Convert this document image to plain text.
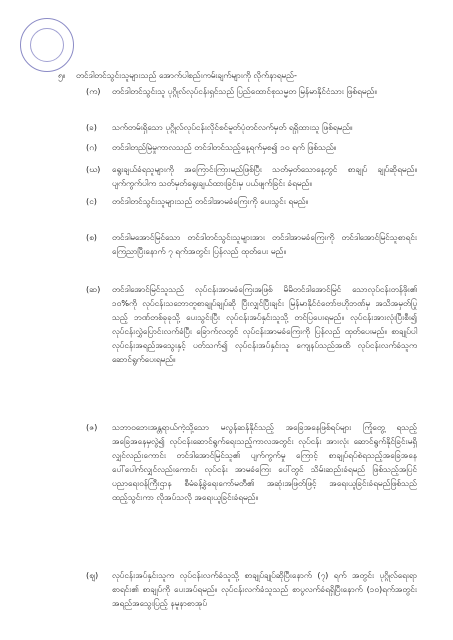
၅။ တင်ဒါတင်သွင်းသူများသည် အောက်ပါစည်းကမ်းချက်များကို လိုက်နာရမည်-

(က) တင်ဒါတင်သွင်းသူ ပုဂ္ဂိုလ်လုပ်ငန်းရှင်သည် ပြည်ထောင်စုသမ္မတ မြန်မာနိုင်ငံသား ဖြစ်ရမည်။

(ခ) သက်တမ်းရှိသော ပုဂ္ဂိုလ်လုပ်ငန်းလိုင်စင်မူတ်ပုံတင်လက်မှတ် ရရှိထားသူ ဖြစ်ရမည်။

(ဂ) တင်ဒါတည်မြဲမှုကာလသည် တင်ဒါတင်သည့်နေ့ရက်မှစ၍ ၁၀ ရက် ဖြစ်သည်။

(ဃ) ရွေးချယ်ခံရသူများကို အကြောင်းကြားမည်ဖြစ်ပြီး သတ်မှတ်သောနေ့တွင် စာချုပ် ချုပ်ဆိုရမည်။ ပျက်ကွက်ပါက သတ်မှတ်ရွေးချယ်ထားခြင်းမှ ပယ်ဖျက်ခြင်း ခံရမည်။

(င) တင်ဒါတင်သွင်းသူများသည် တင်ဒါအာမခံကြေးကို ပေးသွင်း ရမည်။

(စ) တင်ဒါမအောင်မြင်သော တင်ဒါတင်သွင်းသူများအား တင်ဒါအာမခံကြေးကို တင်ဒါအောင်မြင်သူစာရင်း ကြေညာပြီးနောက် ၇ ရက်အတွင်း ပြန်လည် ထုတ်ပေး မည်။

(ဆ) တင်ဒါအောင်မြင်သူသည် လုပ်ငန်းအာမခံကြေးအဖြစ် မိမိတင်ဒါအောင်မြင် သောလုပ်ငန်းတန်ဖိုး၏ ၁၀%ကို လုပ်ငန်းသဘောတူစာချုပ်ချုပ်ဆို ပြီးလျှင်ပြီးချင်း မြန်မာနိုင်ငံတော်ဗဟိုဘဏ်မှ အသိအမှတ်ပြုသည့် ဘဏ်တစ်ခုခုသို့ ပေးသွင်းပြီး လုပ်ငန်းအပ်နှင်းသူသို့ တင်ပြပေးရမည်။ လုပ်ငန်းအားလုံးပြီးစီး၍ လုပ်ငန်းလွှဲပြောင်းလက်ခံပြီး ခြောက်လတွင် လုပ်ငန်းအာမခံကြေးကို ပြန်လည် ထုတ်ပေးမည်။ စာချုပ်ပါ လုပ်ငန်းအရည်အသွေးနှင့် ပတ်သက်၍ လုပ်ငန်းအပ်နှင်းသူ ကျေနပ်သည်အထိ လုပ်ငန်းလက်ခံသူက ဆောင်ရွက်ပေးရမည်။

(ဇ) သဘာဝဘေးအန္တရာယ်ကဲ့သို့သော မလွန်ဆန်နိုင်သည့် အခြေအနေဖြစ်ရပ်များ ကြုံတွေ့ ရသည့် အခြေအနေမှလွဲ၍ လုပ်ငန်းဆောင်ရွက်ရေးသည့်ကာလအတွင်း လုပ်ငန်း အားလုံး ဆောင်ရွက်နိုင်ခြင်းမရှိလျှင်လည်းကောင်း တင်ဒါအောင်မြင်သူ၏ ပျက်ကွက်မှု ကြောင့် စာချုပ်ရပ်စဲရသည့်အခြေအနေ ပေါ်ပေါက်လျှင်လည်းကောင်း လုပ်ငန်း အာမခံကြေး ပေါ်တွင် သိမ်းဆည်းခံရမည် ဖြစ်သည့်အပြင် ပညာရေးဝန်ကြီးဌာန စီမံခန့်ခွဲရေးကော်မတီ၏ အဆုံးအဖြတ်ဖြင့် အရေးယူခြင်းခံရမည်ဖြစ်သည် ထည့်သွင်းကာ လိုအပ်သလို အရေးယူခြင်းခံရမည်။

(ဈ) လုပ်ငန်းအပ်နှင်းသူက လုပ်ငန်းလက်ခံသူသို့ စာချုပ်ချုပ်ဆိုပြီးနောက် (၇) ရက် အတွင်း ပုဂ္ဂိုလ်ရေးရာ စာရင်း၏ စာချုပ်ကို ပေးအပ်ရမည်။ လုပ်ငန်းလက်ခံသူသည် စာပွလက်ခံရရှိပြီးနောက် (၁၀)ရက်အတွင်း အရည်အသွေးပြည့် နမူနာစာအုပ်
